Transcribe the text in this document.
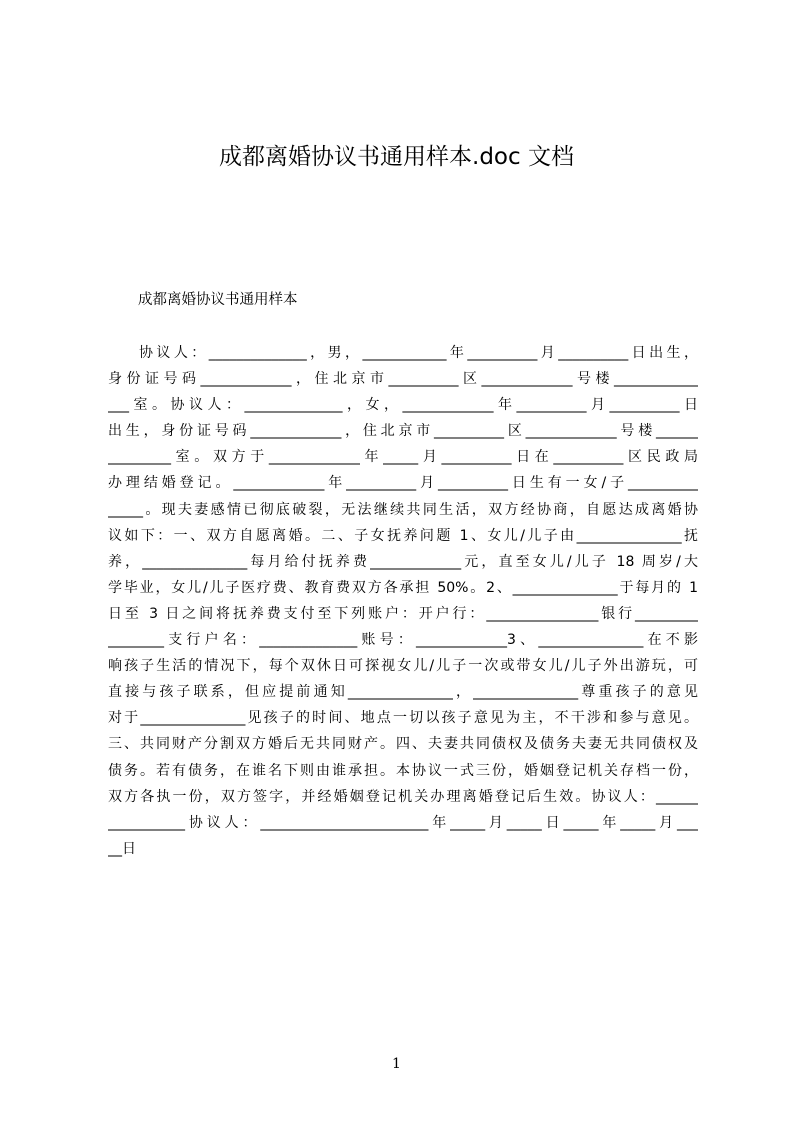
成都离婚协议书通用样本.doc 文档

成都离婚协议书通用样本

协议人：______________，男，____________年__________月__________日出生，
身份证号码_____________，住北京市__________区_____________号楼____________
___室。协议人：______________，女，_____________年__________月__________日
出生，身份证号码_____________，住北京市__________区_____________号楼______
_________室。双方于_____________年_____月__________日在__________区民政局
办理结婚登记。_____________年__________月__________日生有一女/子__________
_____。现夫妻感情已彻底破裂，无法继续共同生活，双方经协商，自愿达成离婚协
议如下：一、双方自愿离婚。二、子女抚养问题 1、女儿/儿子由_______________抚
养，_______________每月给付抚养费_____________元，直至女儿/儿子 18 周岁/大
学毕业，女儿/儿子医疗费、教育费双方各承担 50%。2、_______________于每月的 1
日至 3 日之间将抚养费支付至下列账户：开户行：________________银行_________
________支行户名：______________账号：_____________3、_______________在不影
响孩子生活的情况下，每个双休日可探视女儿/儿子一次或带女儿/儿子外出游玩，可
直接与孩子联系，但应提前通知_______________，_______________尊重孩子的意见
对于_______________见孩子的时间、地点一切以孩子意见为主，不干涉和参与意见。
三、共同财产分割双方婚后无共同财产。四、夫妻共同债权及债务夫妻无共同债权及
债务。若有债务，在谁名下则由谁承担。本协议一式三份，婚姻登记机关存档一份，
双方各执一份，双方签字，并经婚姻登记机关办理离婚登记后生效。协议人：______
___________协议人：________________________年_____月_____日_____年_____月___
__日
1
